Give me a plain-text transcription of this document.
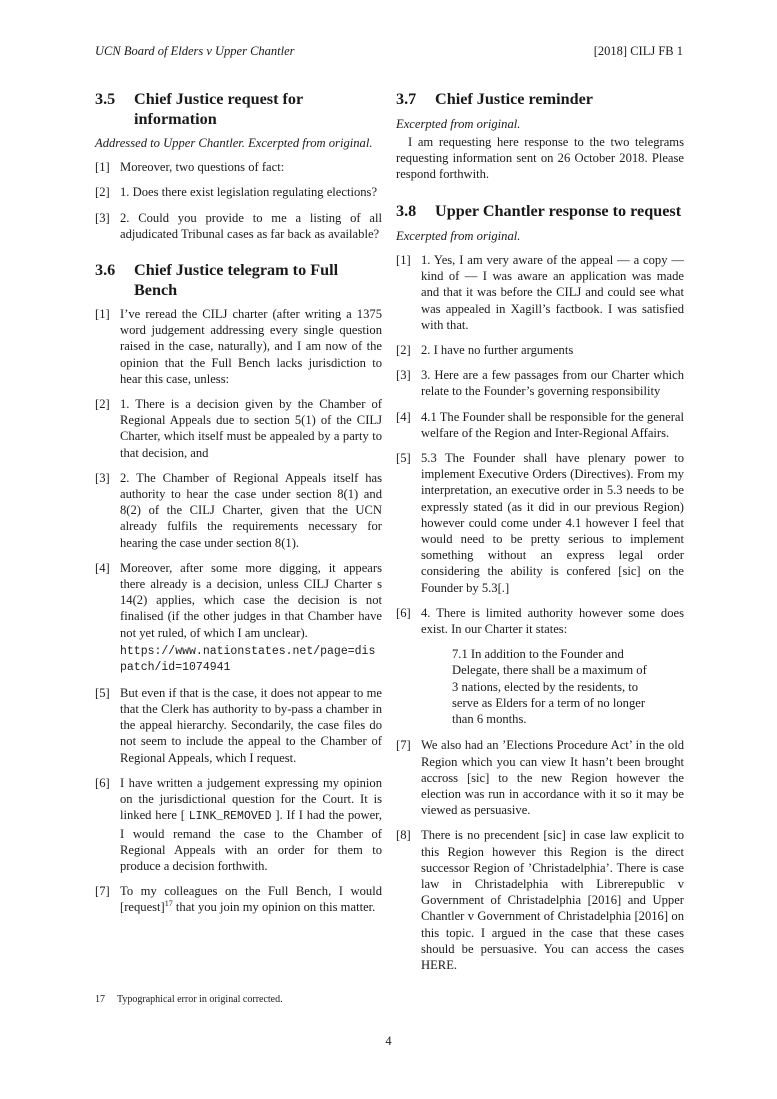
UCN Board of Elders v Upper Chantler	[2018] CILJ FB 1
3.5	Chief Justice request for information
Addressed to Upper Chantler. Excerpted from original.
[1] Moreover, two questions of fact:
[2] 1. Does there exist legislation regulating elections?
[3] 2. Could you provide to me a listing of all adjudicated Tribunal cases as far back as available?
3.6	Chief Justice telegram to Full Bench
[1] I’ve reread the CILJ charter (after writing a 1375 word judgement addressing every single question raised in the case, naturally), and I am now of the opinion that the Full Bench lacks jurisdiction to hear this case, unless:
[2] 1. There is a decision given by the Chamber of Regional Appeals due to section 5(1) of the CILJ Charter, which itself must be appealed by a party to that decision, and
[3] 2. The Chamber of Regional Appeals itself has authority to hear the case under section 8(1) and 8(2) of the CILJ Charter, given that the UCN already fulfils the requirements necessary for hearing the case under section 8(1).
[4] Moreover, after some more digging, it appears there already is a decision, unless CILJ Charter s 14(2) applies, which case the decision is not finalised (if the other judges in that Chamber have not yet ruled, of which I am unclear).
https://www.nationstates.net/page=dispatch/id=1074941
[5] But even if that is the case, it does not appear to me that the Clerk has authority to by-pass a chamber in the appeal hierarchy. Secondarily, the case files do not seem to include the appeal to the Chamber of Regional Appeals, which I request.
[6] I have written a judgement expressing my opinion on the jurisdictional question for the Court. It is linked here [ LINK_REMOVED ]. If I had the power, I would remand the case to the Chamber of Regional Appeals with an order for them to produce a decision forthwith.
[7] To my colleagues on the Full Bench, I would [request]$^{17}$ that you join my opinion on this matter.
17	Typographical error in original corrected.
3.7	Chief Justice reminder
Excerpted from original.
I am requesting here response to the two telegrams requesting information sent on 26 October 2018. Please respond forthwith.
3.8	Upper Chantler response to request
Excerpted from original.
[1] 1. Yes, I am very aware of the appeal — a copy — kind of — I was aware an application was made and that it was before the CILJ and could see what was appealed in Xagill’s factbook. I was satisfied with that.
[2] 2. I have no further arguments
[3] 3. Here are a few passages from our Charter which relate to the Founder’s governing responsibility
[4] 4.1 The Founder shall be responsible for the general welfare of the Region and Inter-Regional Affairs.
[5] 5.3 The Founder shall have plenary power to implement Executive Orders (Directives). From my interpretation, an executive order in 5.3 needs to be expressly stated (as it did in our previous Region) however could come under 4.1 however I feel that would need to be pretty serious to implement something without an express legal order considering the ability is confered [sic] on the Founder by 5.3[.]
[6] 4. There is limited authority however some does exist. In our Charter it states:
7.1 In addition to the Founder and Delegate, there shall be a maximum of 3 nations, elected by the residents, to serve as Elders for a term of no longer than 6 months.
[7] We also had an ’Elections Procedure Act’ in the old Region which you can view It hasn’t been brought accross [sic] to the new Region however the election was run in accordance with it so it may be viewed as persuasive.
[8] There is no precendent [sic] in case law explicit to this Region however this Region is the direct successor Region of ’Christadelphia’. There is case law in Christadelphia with Librerepublic v Government of Christadelphia [2016] and Upper Chantler v Government of Christadelphia [2016] on this topic. I argued in the case that these cases should be persuasive. You can access the cases HERE.
4
